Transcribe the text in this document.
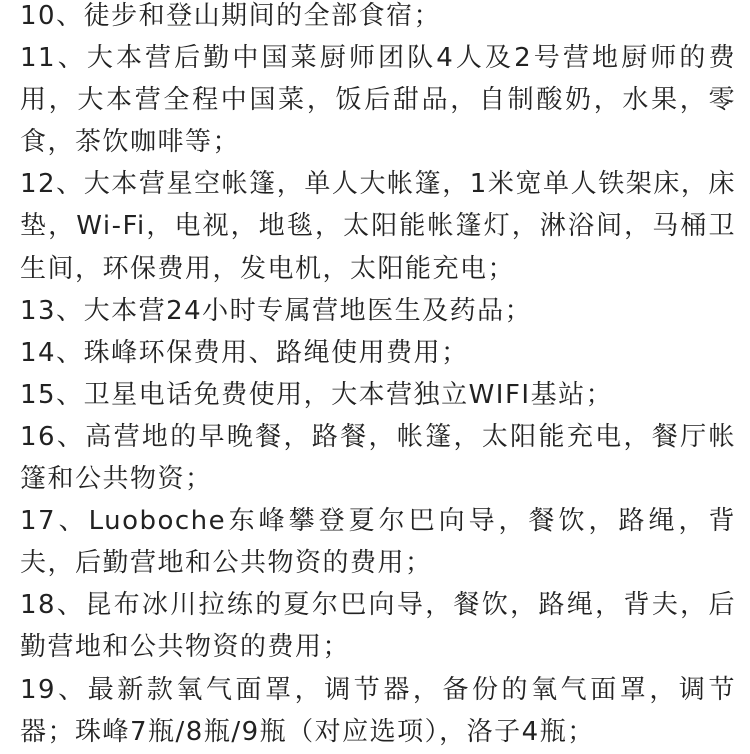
10、徒步和登山期间的全部食宿；

11、大本营后勤中国菜厨师团队4人及2号营地厨师的费用，大本营全程中国菜，饭后甜品，自制酸奶，水果，零食，茶饮咖啡等；

12、大本营星空帐篷，单人大帐篷，1米宽单人铁架床，床垫，Wi-Fi，电视，地毯，太阳能帐篷灯，淋浴间，马桶卫生间，环保费用，发电机，太阳能充电；

13、大本营24小时专属营地医生及药品；

14、珠峰环保费用、路绳使用费用；

15、卫星电话免费使用，大本营独立WIFI基站；

16、高营地的早晚餐，路餐，帐篷，太阳能充电，餐厅帐篷和公共物资；

17、Luoboche东峰攀登夏尔巴向导，餐饮，路绳，背夫，后勤营地和公共物资的费用；

18、昆布冰川拉练的夏尔巴向导，餐饮，路绳，背夫，后勤营地和公共物资的费用；

19、最新款氧气面罩，调节器，备份的氧气面罩，调节器；珠峰7瓶/8瓶/9瓶（对应选项），洛子4瓶；
